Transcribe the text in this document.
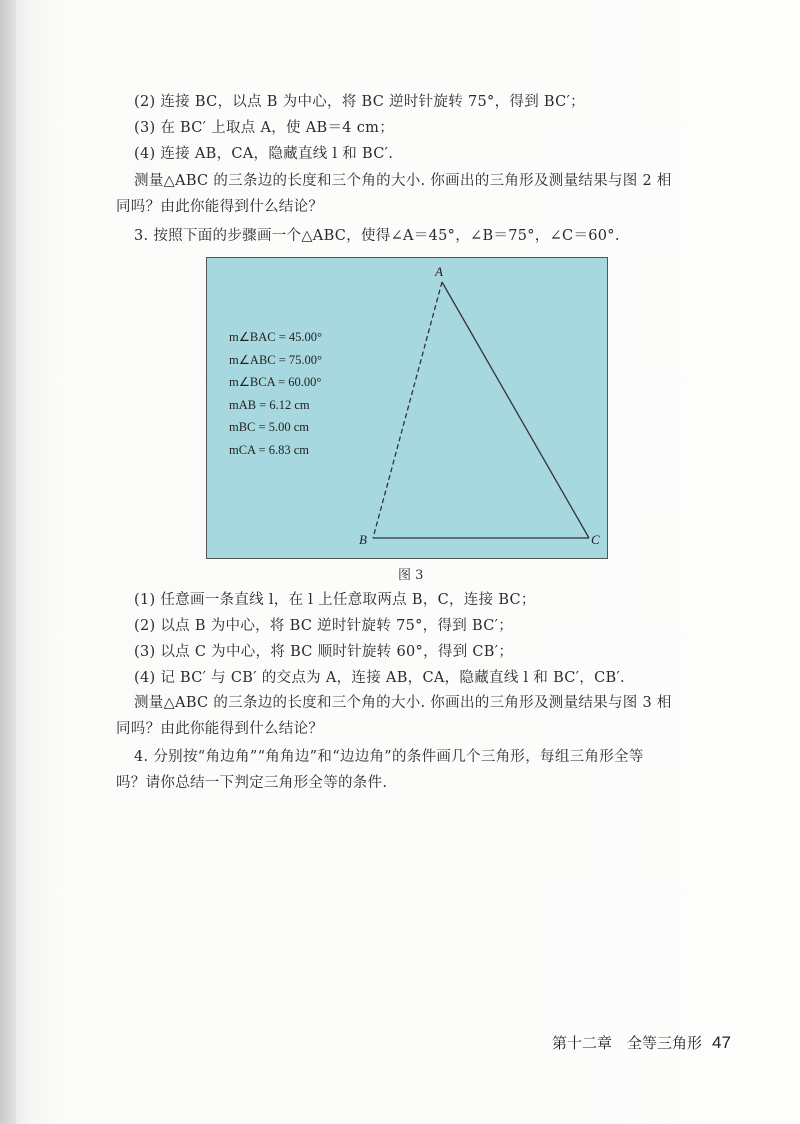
(2) 连接 BC，以点 B 为中心，将 BC 逆时针旋转 75°，得到 BC′；
(3) 在 BC′ 上取点 A，使 AB＝4 cm；
(4) 连接 AB，CA，隐藏直线 l 和 BC′.
测量△ABC 的三条边的长度和三个角的大小. 你画出的三角形及测量结果与图 2 相
同吗？由此你能得到什么结论？
3. 按照下面的步骤画一个△ABC，使得∠A＝45°，∠B＝75°，∠C＝60°.
A
B	C
m∠BAC = 45.00°
m∠ABC = 75.00°
m∠BCA = 60.00°
mAB = 6.12 cm
mBC = 5.00 cm
mCA = 6.83 cm
图 3
(1) 任意画一条直线 l，在 l 上任意取两点 B，C，连接 BC；
(2) 以点 B 为中心，将 BC 逆时针旋转 75°，得到 BC′；
(3) 以点 C 为中心，将 BC 顺时针旋转 60°，得到 CB′；
(4) 记 BC′ 与 CB′ 的交点为 A，连接 AB，CA，隐藏直线 l 和 BC′，CB′.
测量△ABC 的三条边的长度和三个角的大小. 你画出的三角形及测量结果与图 3 相
同吗？由此你能得到什么结论？
4. 分别按“角边角”“角角边”和“边边角”的条件画几个三角形，每组三角形全等
吗？请你总结一下判定三角形全等的条件.
第十二章　全等三角形 47
